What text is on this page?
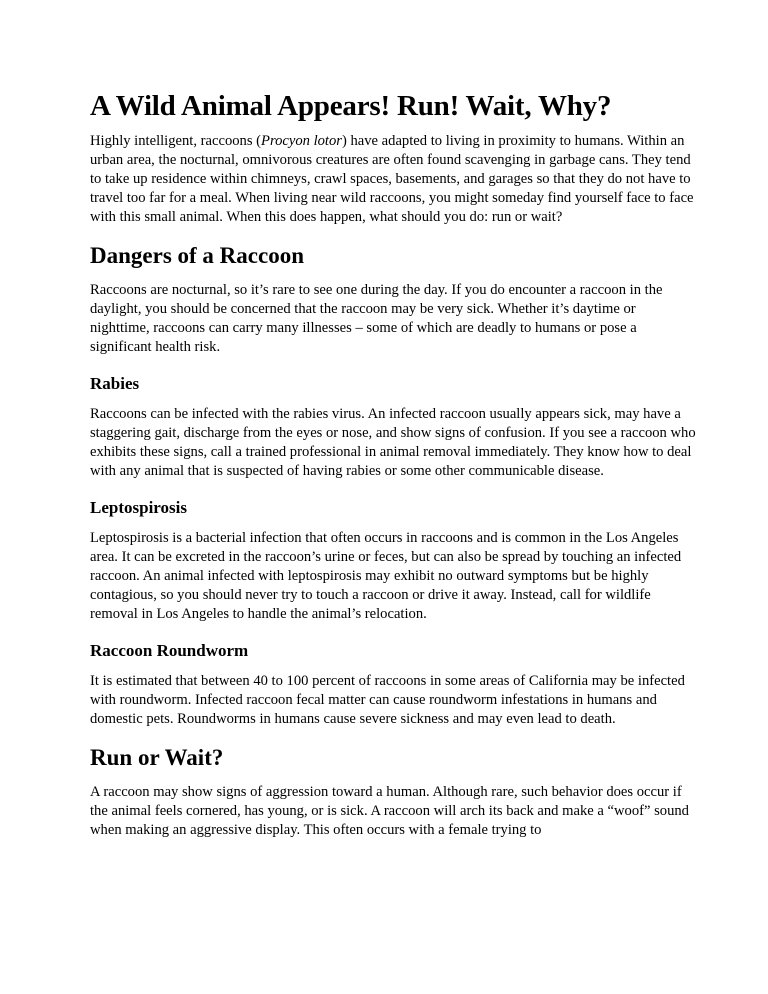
A Wild Animal Appears! Run! Wait, Why?

Highly intelligent, raccoons (Procyon lotor) have adapted to living in proximity to humans. Within an urban area, the nocturnal, omnivorous creatures are often found scavenging in garbage cans. They tend to take up residence within chimneys, crawl spaces, basements, and garages so that they do not have to travel too far for a meal. When living near wild raccoons, you might someday find yourself face to face with this small animal. When this does happen, what should you do: run or wait?

Dangers of a Raccoon

Raccoons are nocturnal, so it’s rare to see one during the day. If you do encounter a raccoon in the daylight, you should be concerned that the raccoon may be very sick. Whether it’s daytime or nighttime, raccoons can carry many illnesses – some of which are deadly to humans or pose a significant health risk.

Rabies

Raccoons can be infected with the rabies virus. An infected raccoon usually appears sick, may have a staggering gait, discharge from the eyes or nose, and show signs of confusion. If you see a raccoon who exhibits these signs, call a trained professional in animal removal immediately. They know how to deal with any animal that is suspected of having rabies or some other communicable disease.

Leptospirosis

Leptospirosis is a bacterial infection that often occurs in raccoons and is common in the Los Angeles area. It can be excreted in the raccoon’s urine or feces, but can also be spread by touching an infected raccoon. An animal infected with leptospirosis may exhibit no outward symptoms but be highly contagious, so you should never try to touch a raccoon or drive it away. Instead, call for wildlife removal in Los Angeles to handle the animal’s relocation.

Raccoon Roundworm

It is estimated that between 40 to 100 percent of raccoons in some areas of California may be infected with roundworm. Infected raccoon fecal matter can cause roundworm infestations in humans and domestic pets. Roundworms in humans cause severe sickness and may even lead to death.

Run or Wait?

A raccoon may show signs of aggression toward a human. Although rare, such behavior does occur if the animal feels cornered, has young, or is sick. A raccoon will arch its back and make a “woof” sound when making an aggressive display. This often occurs with a female trying to
